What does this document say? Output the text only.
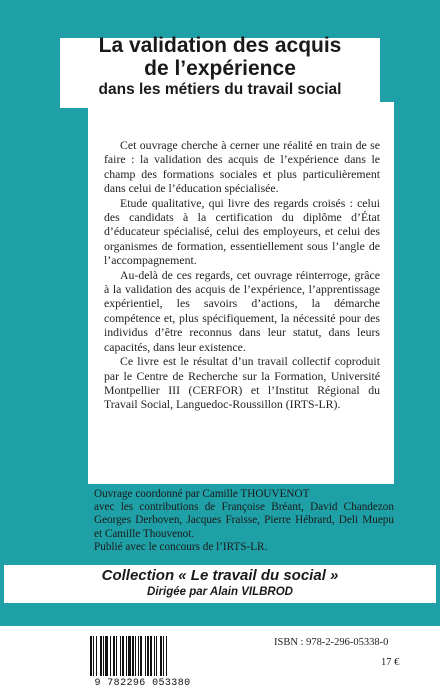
La validation des acquis
de l’expérience
dans les métiers du travail social

Cet ouvrage cherche à cerner une réalité en train de se faire : la validation des acquis de l’expérience dans le champ des formations sociales et plus particulièrement dans celui de l’éducation spécialisée.

Etude qualitative, qui livre des regards croisés : celui des candidats à la certification du diplôme d’État d’éducateur spécialisé, celui des employeurs, et celui des organismes de formation, essentiellement sous l’angle de l’accompagnement.

Au-delà de ces regards, cet ouvrage réinterroge, grâce à la validation des acquis de l’expérience, l’apprentissage expérientiel, les savoirs d’actions, la démarche compétence et, plus spécifiquement, la nécessité pour des individus d’être reconnus dans leur statut, dans leurs capacités, dans leur existence.

Ce livre est le résultat d’un travail collectif coproduit par le Centre de Recherche sur la Formation, Université Montpellier III (CERFOR) et l’Institut Régional du Travail Social, Languedoc-Roussillon (IRTS-LR).

Ouvrage coordonné par Camille THOUVENOT

avec les contributions de Françoise Bréant, David Chandezon Georges Derboven, Jacques Fraisse, Pierre Hébrard, Deli Muepu et Camille Thouvenot.

Publié avec le concours de l’IRTS-LR.

Collection « Le travail du social »
Dirigée par Alain VILBROD
9 782296 053380
ISBN : 978-2-296-05338-0
17 €
